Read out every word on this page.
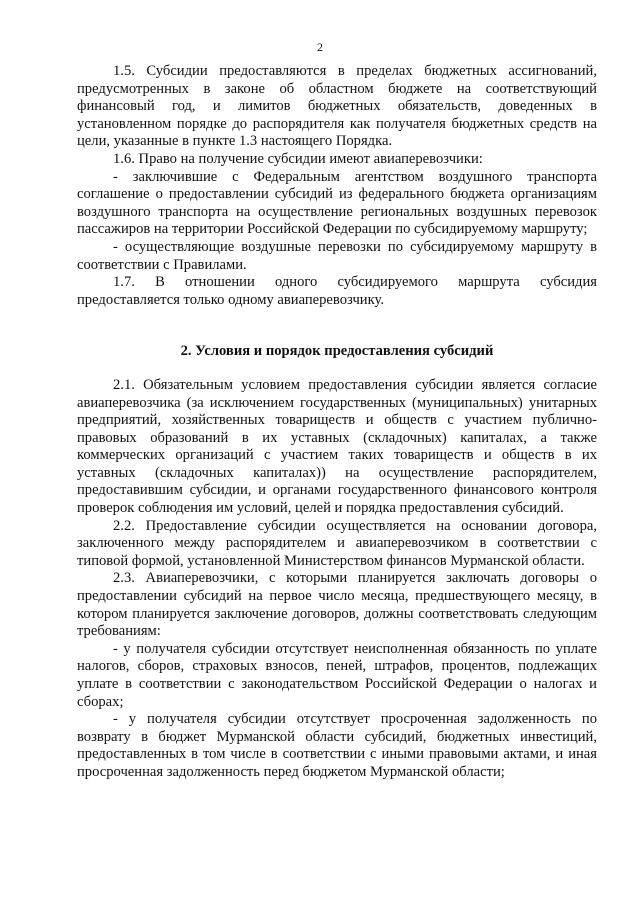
2

1.5. Субсидии предоставляются в пределах бюджетных ассигнований, предусмотренных в законе об областном бюджете на соответствующий финансовый год, и лимитов бюджетных обязательств, доведенных в установленном порядке до распорядителя как получателя бюджетных средств на цели, указанные в пункте 1.3 настоящего Порядка.

1.6. Право на получение субсидии имеют авиаперевозчики:

- заключившие с Федеральным агентством воздушного транспорта соглашение о предоставлении субсидий из федерального бюджета организациям воздушного транспорта на осуществление региональных воздушных перевозок пассажиров на территории Российской Федерации по субсидируемому маршруту;

- осуществляющие воздушные перевозки по субсидируемому маршруту в соответствии с Правилами.

1.7. В отношении одного субсидируемого маршрута субсидия предоставляется только одному авиаперевозчику.

2. Условия и порядок предоставления субсидий

2.1. Обязательным условием предоставления субсидии является согласие авиаперевозчика (за исключением государственных (муниципальных) унитарных предприятий, хозяйственных товариществ и обществ с участием публично-правовых образований в их уставных (складочных) капиталах, а также коммерческих организаций с участием таких товариществ и обществ в их уставных (складочных капиталах)) на осуществление распорядителем, предоставившим субсидии, и органами государственного финансового контроля проверок соблюдения им условий, целей и порядка предоставления субсидий.

2.2. Предоставление субсидии осуществляется на основании договора, заключенного между распорядителем и авиаперевозчиком в соответствии с типовой формой, установленной Министерством финансов Мурманской области.

2.3. Авиаперевозчики, с которыми планируется заключать договоры о предоставлении субсидий на первое число месяца, предшествующего месяцу, в котором планируется заключение договоров, должны соответствовать следующим требованиям:

- у получателя субсидии отсутствует неисполненная обязанность по уплате налогов, сборов, страховых взносов, пеней, штрафов, процентов, подлежащих уплате в соответствии с законодательством Российской Федерации о налогах и сборах;

- у получателя субсидии отсутствует просроченная задолженность по возврату в бюджет Мурманской области субсидий, бюджетных инвестиций, предоставленных в том числе в соответствии с иными правовыми актами, и иная просроченная задолженность перед бюджетом Мурманской области;
